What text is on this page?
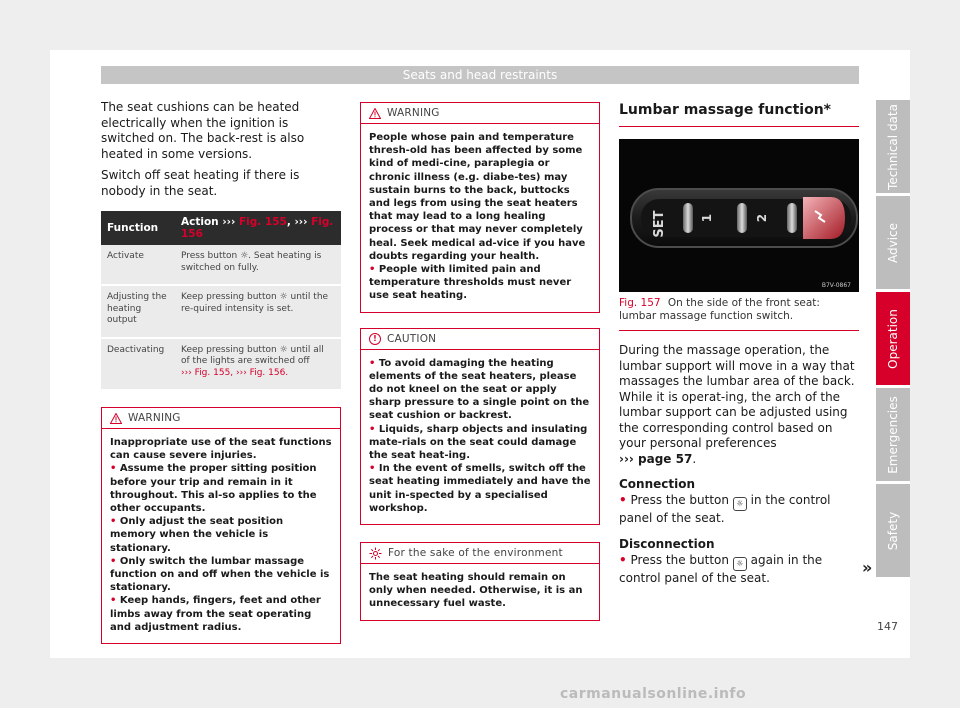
Seats and head restraints

The seat cushions can be heated electrically when the ignition is switched on. The back-rest is also heated in some versions.

Switch off seat heating if there is nobody in the seat.

Function	Action ››› Fig. 155, ››› Fig. 156
Activate	Press button ☼. Seat heating is switched on fully.
Adjusting the heating output	Keep pressing button ☼ until the re-quired intensity is set.
Deactivating	Keep pressing button ☼ until all of the lights are switched off
››› Fig. 155, ››› Fig. 156.
WARNING
Inappropriate use of the seat functions can cause severe injuries.
• Assume the proper sitting position before your trip and remain in it throughout. This al-so applies to the other occupants.
• Only adjust the seat position memory when the vehicle is stationary.
• Only switch the lumbar massage function on and off when the vehicle is stationary.
• Keep hands, fingers, feet and other limbs away from the seat operating and adjustment radius.
WARNING
People whose pain and temperature thresh-old has been affected by some kind of medi-cine, paraplegia or chronic illness (e.g. diabe-tes) may sustain burns to the back, buttocks and legs from using the seat heaters that may lead to a long healing process or that may never completely heal. Seek medical ad-vice if you have doubts regarding your health.
• People with limited pain and temperature thresholds must never use seat heating.
! CAUTION
• To avoid damaging the heating elements of the seat heaters, please do not kneel on the seat or apply sharp pressure to a single point on the seat cushion or backrest.
• Liquids, sharp objects and insulating mate-rials on the seat could damage the seat heat-ing.
• In the event of smells, switch off the seat heating immediately and have the unit in-spected by a specialised workshop.
For the sake of the environment
The seat heating should remain on only when needed. Otherwise, it is an unnecessary fuel waste.
Lumbar massage function*
SET	1	2
B7V-0867
Fig. 157 On the side of the front seat: lumbar massage function switch.

During the massage operation, the lumbar support will move in a way that massages the lumbar area of the back. While it is operat-ing, the arch of the lumbar support can be adjusted using the corresponding control based on your personal preferences
››› page 57.

Connection

• Press the button ☼ in the control panel of the seat.

Disconnection

• Press the button ☼ again in the control panel of the seat.

»
Technical data
Advice
Operation
Emergencies
Safety
147
carmanualsonline.info
